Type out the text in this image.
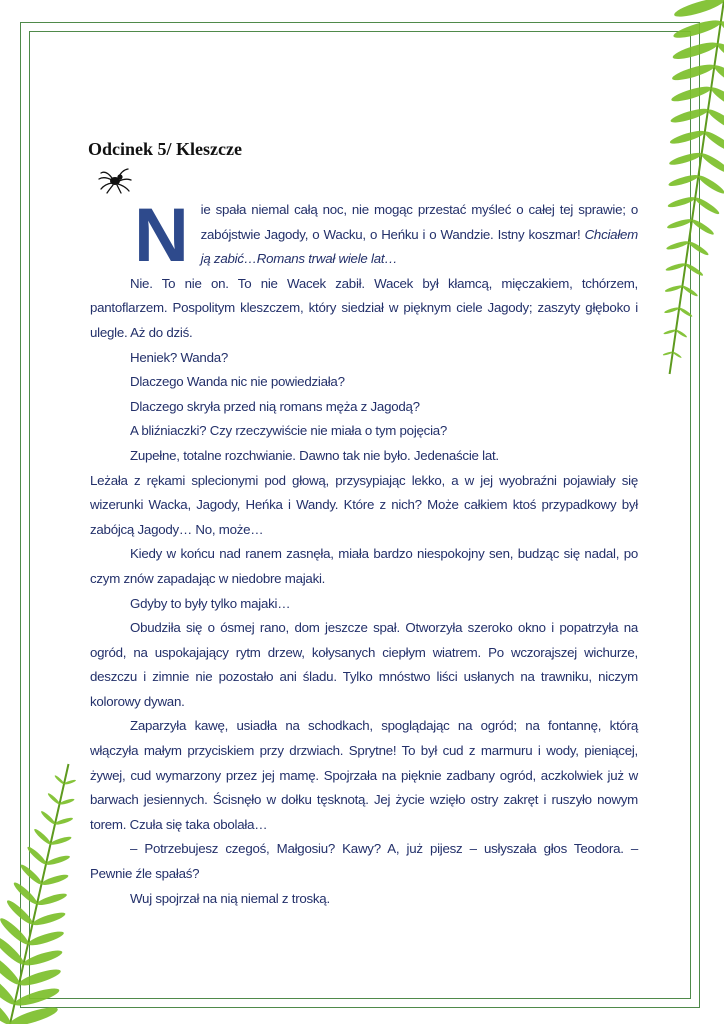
Odcinek 5/ Kleszcze
N ie spała niemal całą noc, nie mogąc przestać myśleć o całej tej sprawie; o zabójstwie Jagody, o Wacku, o Heńku i o Wandzie. Istny koszmar! Chciałem ją zabić…Romans trwał wiele lat…

Nie. To nie on. To nie Wacek zabił. Wacek był kłamcą, mięczakiem, tchórzem, pantoflarzem. Pospolitym kleszczem, który siedział w pięknym ciele Jagody; zaszyty głęboko i ulegle. Aż do dziś.

Heniek? Wanda?

Dlaczego Wanda nic nie powiedziała?

Dlaczego skryła przed nią romans męża z Jagodą?

A bliźniaczki? Czy rzeczywiście nie miała o tym pojęcia?

Zupełne, totalne rozchwianie. Dawno tak nie było. Jedenaście lat.

Leżała z rękami splecionymi pod głową, przysypiając lekko, a w jej wyobraźni pojawiały się wizerunki Wacka, Jagody, Heńka i Wandy. Które z nich? Może całkiem ktoś przypadkowy był zabójcą Jagody… No, może…

Kiedy w końcu nad ranem zasnęła, miała bardzo niespokojny sen, budząc się nadal, po czym znów zapadając w niedobre majaki.

Gdyby to były tylko majaki…

Obudziła się o ósmej rano, dom jeszcze spał. Otworzyła szeroko okno i popatrzyła na ogród, na uspokajający rytm drzew, kołysanych ciepłym wiatrem. Po wczorajszej wichurze, deszczu i zimnie nie pozostało ani śladu. Tylko mnóstwo liści usłanych na trawniku, niczym kolorowy dywan.

Zaparzyła kawę, usiadła na schodkach, spoglądając na ogród; na fontannę, którą włączyła małym przyciskiem przy drzwiach. Sprytne! To był cud z marmuru i wody, pieniącej, żywej, cud wymarzony przez jej mamę. Spojrzała na pięknie zadbany ogród, aczkolwiek już w barwach jesiennych. Ścisnęło w dołku tęsknotą. Jej życie wzięło ostry zakręt i ruszyło nowym torem. Czuła się taka obolała…

– Potrzebujesz czegoś, Małgosiu? Kawy? A, już pijesz – usłyszała głos Teodora. – Pewnie źle spałaś?

Wuj spojrzał na nią niemal z troską.
